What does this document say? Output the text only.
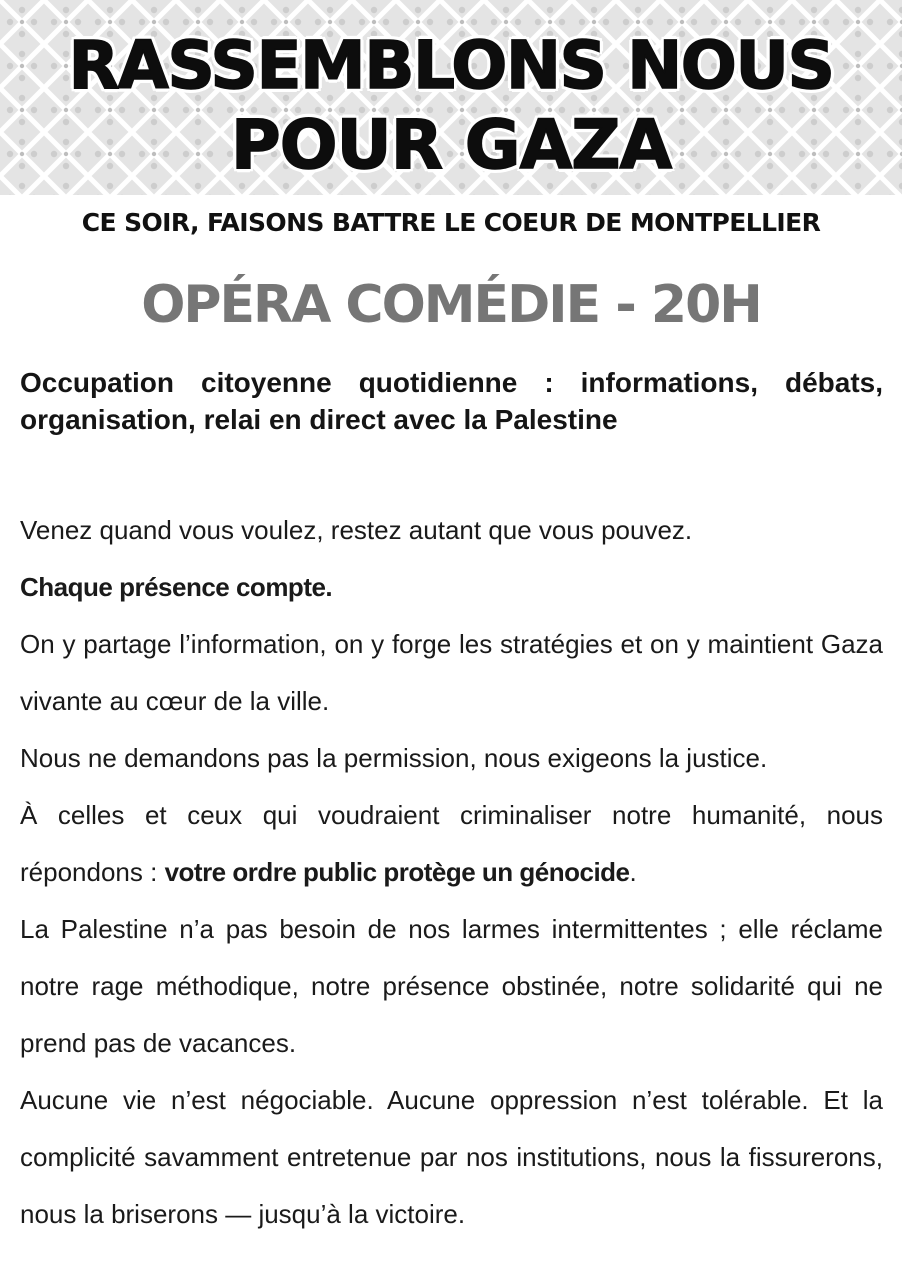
RASSEMBLONS NOUS
POUR GAZA
CE SOIR, FAISONS BATTRE LE COEUR DE MONTPELLIER
OPÉRA COMÉDIE - 20H
Occupation citoyenne quotidienne : informations, débats, organisation, relai en direct avec la Palestine

Venez quand vous voulez, restez autant que vous pouvez.
Chaque présence compte.

On y partage l’information, on y forge les stratégies et on y maintient Gaza vivante au cœur de la ville.

Nous ne demandons pas la permission, nous exigeons la justice.

À celles et ceux qui voudraient criminaliser notre humanité, nous répondons : votre ordre public protège un génocide.

La Palestine n’a pas besoin de nos larmes intermittentes ; elle réclame notre rage méthodique, notre présence obstinée, notre solidarité qui ne prend pas de vacances.

Aucune vie n’est négociable. Aucune oppression n’est tolérable. Et la complicité savamment entretenue par nos institutions, nous la fissurerons, nous la briserons — jusqu’à la victoire.
